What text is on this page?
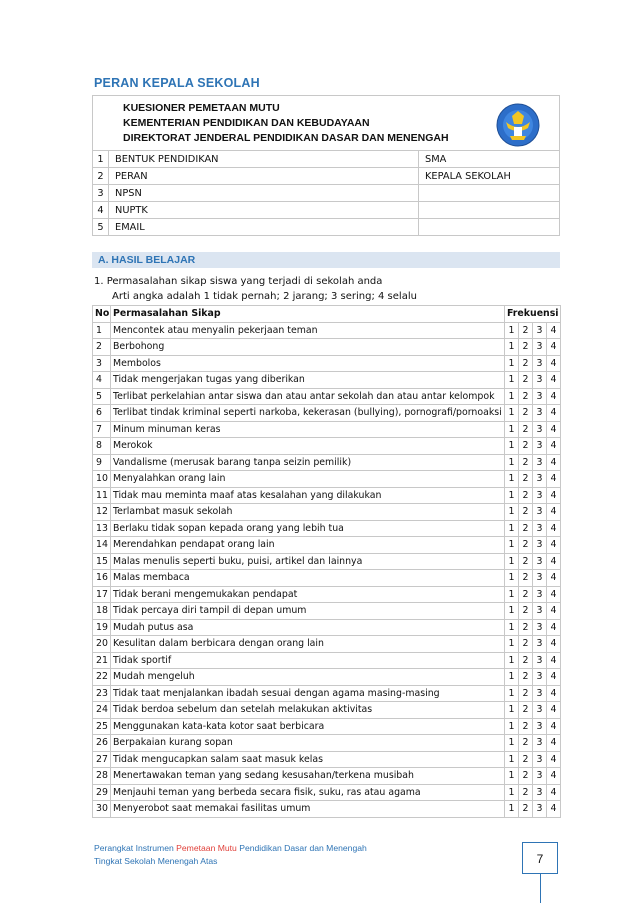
PERAN KEPALA SEKOLAH
KUESIONER PEMETAAN MUTU
KEMENTERIAN PENDIDIKAN DAN KEBUDAYAAN
DIREKTORAT JENDERAL PENDIDIKAN DASAR DAN MENENGAH
1	BENTUK PENDIDIKAN	SMA
2	PERAN	KEPALA SEKOLAH
3	NPSN	
4	NUPTK	
5	EMAIL	
A. HASIL BELAJAR
1. Permasalahan sikap siswa yang terjadi di sekolah anda
Arti angka adalah 1 tidak pernah; 2 jarang; 3 sering; 4 selalu
No	Permasalahan Sikap	Frekuensi			
1	Mencontek atau menyalin pekerjaan teman	1	2	3	4
2	Berbohong	1	2	3	4
3	Membolos	1	2	3	4
4	Tidak mengerjakan tugas yang diberikan	1	2	3	4
5	Terlibat perkelahian antar siswa dan atau antar sekolah dan atau antar kelompok	1	2	3	4
6	Terlibat tindak kriminal seperti narkoba, kekerasan (bullying), pornografi/pornoaksi	1	2	3	4
7	Minum minuman keras	1	2	3	4
8	Merokok	1	2	3	4
9	Vandalisme (merusak barang tanpa seizin pemilik)	1	2	3	4
10	Menyalahkan orang lain	1	2	3	4
11	Tidak mau meminta maaf atas kesalahan yang dilakukan	1	2	3	4
12	Terlambat masuk sekolah	1	2	3	4
13	Berlaku tidak sopan kepada orang yang lebih tua	1	2	3	4
14	Merendahkan pendapat orang lain	1	2	3	4
15	Malas menulis seperti buku, puisi, artikel dan lainnya	1	2	3	4
16	Malas membaca	1	2	3	4
17	Tidak berani mengemukakan pendapat	1	2	3	4
18	Tidak percaya diri tampil di depan umum	1	2	3	4
19	Mudah putus asa	1	2	3	4
20	Kesulitan dalam berbicara dengan orang lain	1	2	3	4
21	Tidak sportif	1	2	3	4
22	Mudah mengeluh	1	2	3	4
23	Tidak taat menjalankan ibadah sesuai dengan agama masing-masing	1	2	3	4
24	Tidak berdoa sebelum dan setelah melakukan aktivitas	1	2	3	4
25	Menggunakan kata-kata kotor saat berbicara	1	2	3	4
26	Berpakaian kurang sopan	1	2	3	4
27	Tidak mengucapkan salam saat masuk kelas	1	2	3	4
28	Menertawakan teman yang sedang kesusahan/terkena musibah	1	2	3	4
29	Menjauhi teman yang berbeda secara fisik, suku, ras atau agama	1	2	3	4
30	Menyerobot saat memakai fasilitas umum	1	2	3	4
Perangkat Instrumen Pemetaan Mutu Pendidikan Dasar dan Menengah
Tingkat Sekolah Menengah Atas	7
